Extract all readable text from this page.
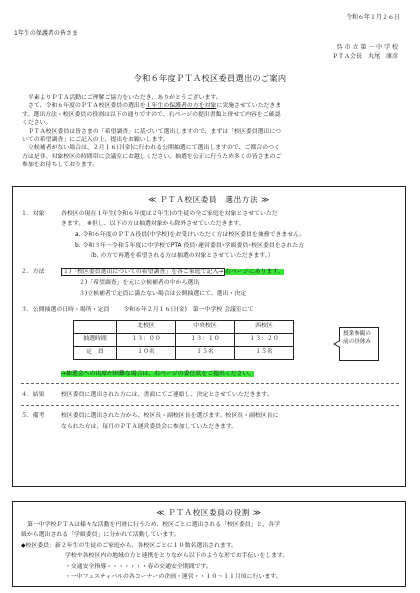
令和６年１月２６日
1年生の保護者の皆さま
呉 市 立 第 一 中 学 校
ＰＴＡ会長　丸尾　康彦
令和６年度ＰＴＡ校区委員選出のご案内

平素よりＰＴＡ活動にご理解ご協力をいただき、ありがとうございます。

さて、令和６年度のＰＴＡ校区委員の選出を１年生の保護者の方を対象に実施させていただきま

す。選出方法・校区委員の役割は以下の通りですので、右ページの提出書類と併せて内容をご確認

ください。

ＰＴＡ校区委員は皆さまの「希望調査」に基づいて選出しますので、まずは「校区委員選出につ

いての希望調査」にご記入の上、提出をお願いします。

立候補者がない場合は、２月１６日(金)に行われる公開抽選にて選出しますので、ご都合のつく

方は是非、対象校区の時間帯に会議室にお越しください。抽選を公正に行うため多くの皆さまのご

参加をお待ちしております。

≪ ＰＴＡ校区委員　選出方法 ≫
１．対象	各校区の現在１年生(令和６年度は２年生)の生徒の全ご家庭を対象とさせていただ
きます。　※但し、以下の方は抽選対象から除外させていただきます。
a. 令和６年度のＰＴＡ役員(中学校)をお受けいただく方は校区委員を兼務できません。
b. 令和３年～令和５年度に中学校でPTA 役員･運営委員･学級委員･校区委員をされた方
（b. の方で再選を希望される方は抽選の対象とさせていただきます。）
２．方法	１)「校区委員選出についての希望調査」を各ご家庭で記入→ 右ページにあります。
２)「希望調査」を元に立候補者の中から選出
３)立候補者で定員に満たない場合は公開抽選にて、選出・決定
３．公開抽選の日時・場所・定員 令和６年２月１６日(金)　第一中学校 会議室にて
	北校区	中央校区	西校区
抽選時間	１３：００	１３：１０	１３：２０
定　員	１０名	１５名	１５名
授業参観の前の昼休み
→抽選会への出席が困難な場合は、右ページの委任状をご提出ください。
４．結果	校区委員に選出された方には、書面にてご連絡し、決定とさせていただきます。
５．備考	校区委員に選出された方から、校区長・副校区長を選びます。校区長・副校区長に
なられた方は、毎月のＰＴＡ運営委員会に参加していただきます。
≪ ＰＴＡ校区委員の役割 ≫
第一中学校ＰＴＡは様々な活動を円滑に行うため、校区ごとに選出される「校区委員」と、各学
級から選出される「学級委員」に分かれて活動しています。
◆校区委員：新２年生の生徒のご家庭から、各校区ごとに１０数名選出されます。
学校や各校区内の地域の方と連携をとりながら以下のような形でお手伝いをします。
・交通安全指導・・・・・・・春の交通安全期間です。
・一中フェスティバルの各コーナーの企画・運営・・１０～１１月頃に行います。
